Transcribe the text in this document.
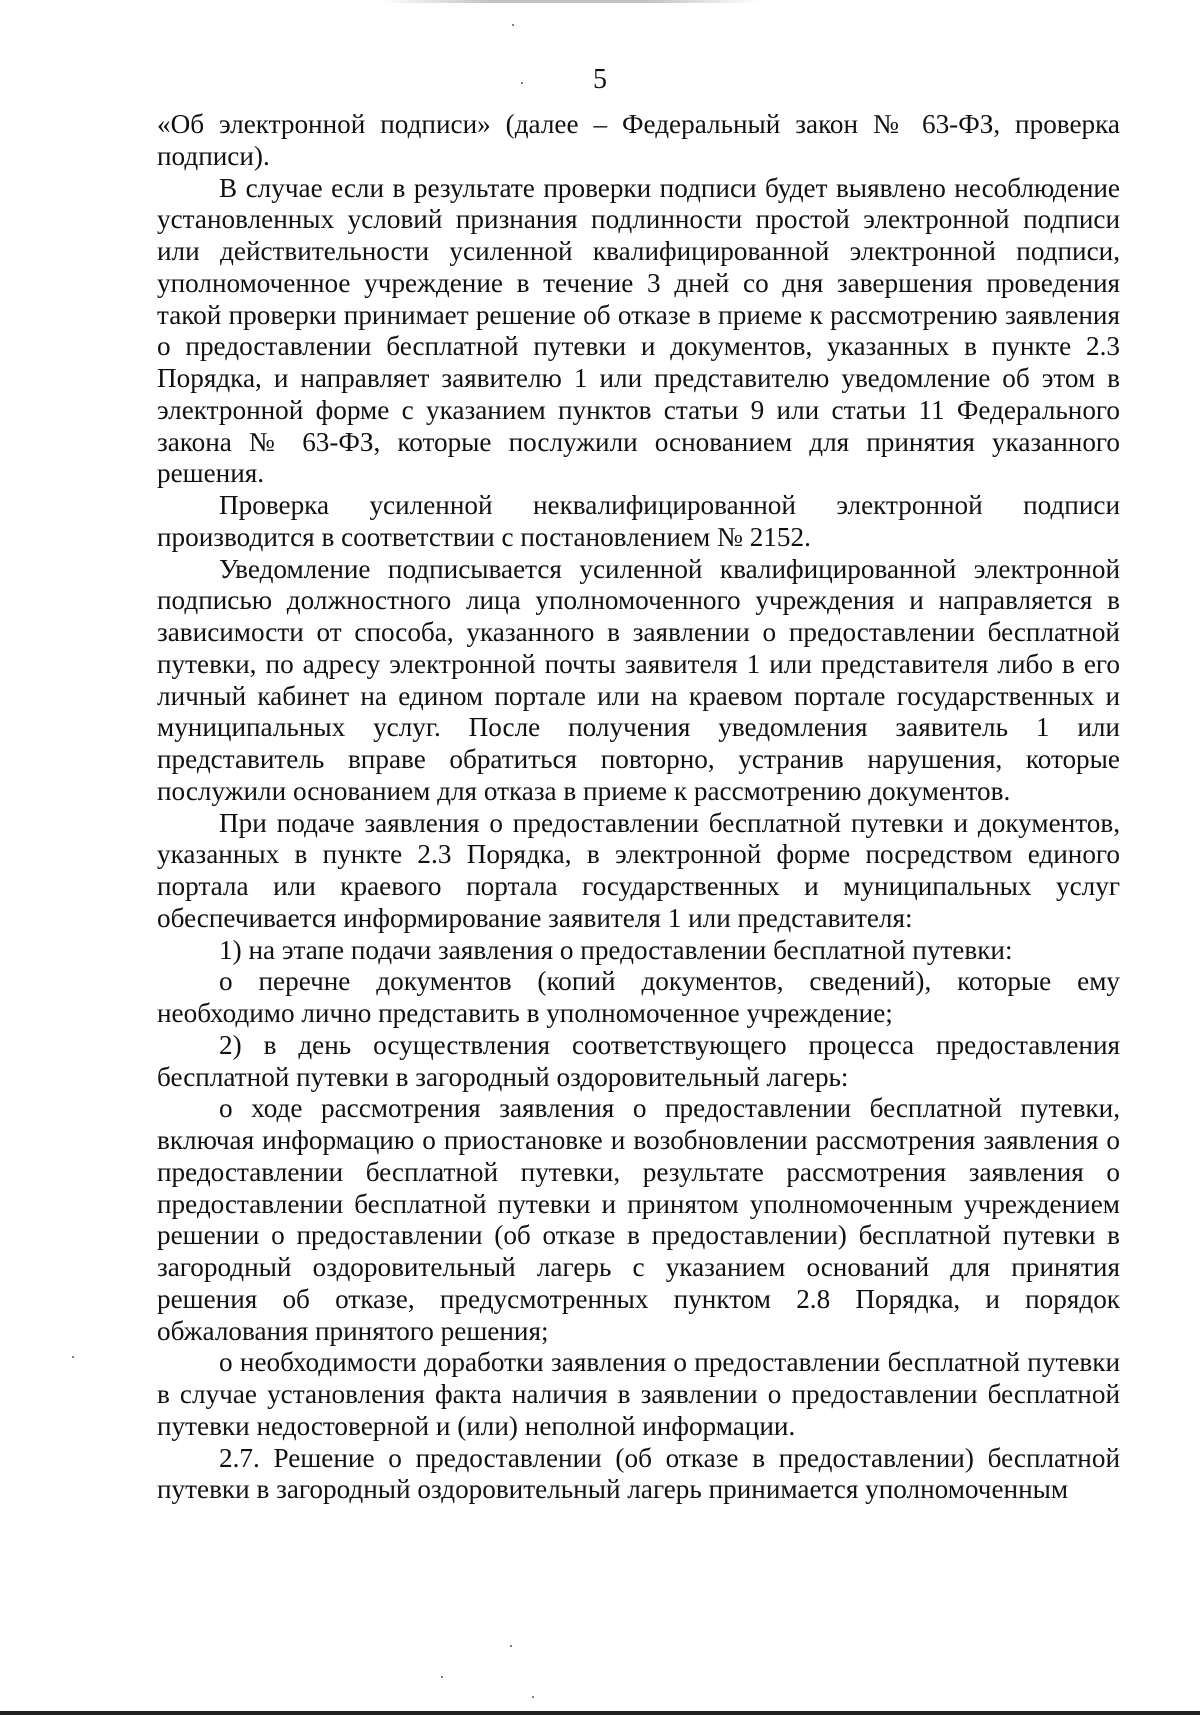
5

«Об электронной подписи» (далее – Федеральный закон № 63-ФЗ, проверка подписи).

В случае если в результате проверки подписи будет выявлено несоблюдение установленных условий признания подлинности простой электронной подписи или действительности усиленной квалифицированной электронной подписи, уполномоченное учреждение в течение 3 дней со дня завершения проведения такой проверки принимает решение об отказе в приеме к рассмотрению заявления о предоставлении бесплатной путевки и документов, указанных в пункте 2.3 Порядка, и направляет заявителю 1 или представителю уведомление об этом в электронной форме с указанием пунктов статьи 9 или статьи 11 Федерального закона № 63-ФЗ, которые послужили основанием для принятия указанного решения.

Проверка усиленной неквалифицированной электронной подписи производится в соответствии с постановлением № 2152.

Уведомление подписывается усиленной квалифицированной электронной подписью должностного лица уполномоченного учреждения и направляется в зависимости от способа, указанного в заявлении о предоставлении бесплатной путевки, по адресу электронной почты заявителя 1 или представителя либо в его личный кабинет на едином портале или на краевом портале государственных и муниципальных услуг. После получения уведомления заявитель 1 или представитель вправе обратиться повторно, устранив нарушения, которые послужили основанием для отказа в приеме к рассмотрению документов.

При подаче заявления о предоставлении бесплатной путевки и документов, указанных в пункте 2.3 Порядка, в электронной форме посредством единого портала или краевого портала государственных и муниципальных услуг обеспечивается информирование заявителя 1 или представителя:

1) на этапе подачи заявления о предоставлении бесплатной путевки:

о перечне документов (копий документов, сведений), которые ему необходимо лично представить в уполномоченное учреждение;

2) в день осуществления соответствующего процесса предоставления бесплатной путевки в загородный оздоровительный лагерь:

о ходе рассмотрения заявления о предоставлении бесплатной путевки, включая информацию о приостановке и возобновлении рассмотрения заявления о предоставлении бесплатной путевки, результате рассмотрения заявления о предоставлении бесплатной путевки и принятом уполномоченным учреждением решении о предоставлении (об отказе в предоставлении) бесплатной путевки в загородный оздоровительный лагерь с указанием оснований для принятия решения об отказе, предусмотренных пунктом 2.8 Порядка, и порядок обжалования принятого решения;

о необходимости доработки заявления о предоставлении бесплатной путевки в случае установления факта наличия в заявлении о предоставлении бесплатной путевки недостоверной и (или) неполной информации.

2.7. Решение о предоставлении (об отказе в предоставлении) бесплатной путевки в загородный оздоровительный лагерь принимается уполномоченным
